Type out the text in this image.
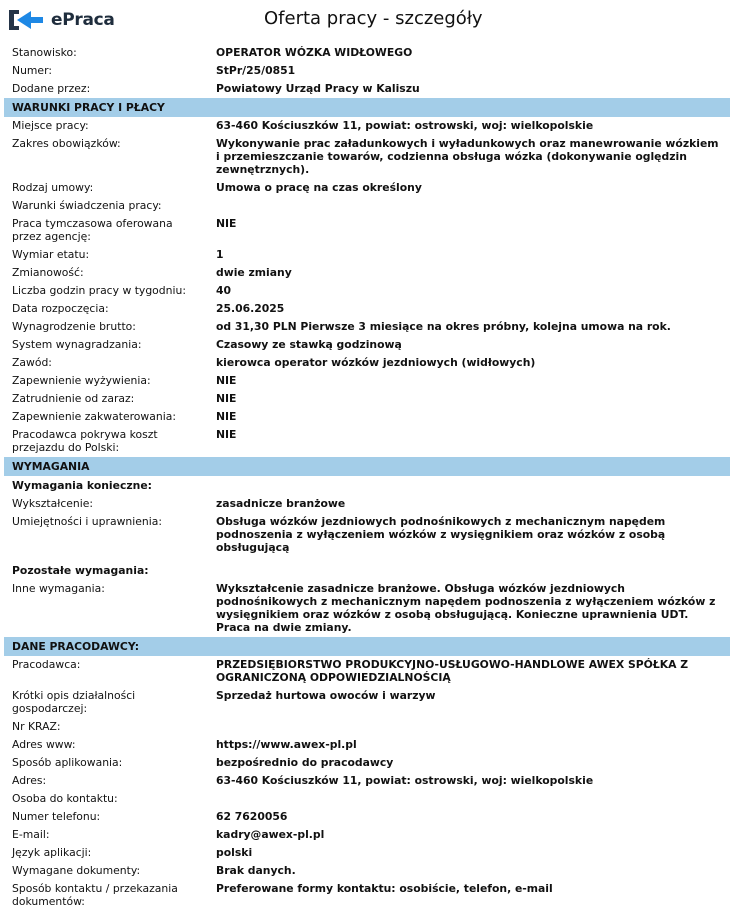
ePraca	Oferta pracy - szczegóły
Stanowisko:	OPERATOR WÓZKA WIDŁOWEGO
Numer:	StPr/25/0851
Dodane przez:	Powiatowy Urząd Pracy w Kaliszu
WARUNKI PRACY I PŁACY	
Miejsce pracy:	63-460 Kościuszków 11, powiat: ostrowski, woj: wielkopolskie
Zakres obowiązków:	Wykonywanie prac załadunkowych i wyładunkowych oraz manewrowanie wózkiem i przemieszczanie towarów, codzienna obsługa wózka (dokonywanie oględzin zewnętrznych).
Rodzaj umowy:	Umowa o pracę na czas określony
Warunki świadczenia pracy:	
Praca tymczasowa oferowana przez agencję:	NIE
Wymiar etatu:	1
Zmianowość:	dwie zmiany
Liczba godzin pracy w tygodniu:	40
Data rozpoczęcia:	25.06.2025
Wynagrodzenie brutto:	od 31,30 PLN Pierwsze 3 miesiące na okres próbny, kolejna umowa na rok.
System wynagradzania:	Czasowy ze stawką godzinową
Zawód:	kierowca operator wózków jezdniowych (widłowych)
Zapewnienie wyżywienia:	NIE
Zatrudnienie od zaraz:	NIE
Zapewnienie zakwaterowania:	NIE
Pracodawca pokrywa koszt przejazdu do Polski:	NIE
WYMAGANIA	
Wymagania konieczne:	
Wykształcenie:	zasadnicze branżowe
Umiejętności i uprawnienia:	Obsługa wózków jezdniowych podnośnikowych z mechanicznym napędem podnoszenia z wyłączeniem wózków z wysięgnikiem oraz wózków z osobą obsługującą

Pozostałe wymagania:	
Inne wymagania:	Wykształcenie zasadnicze branżowe. Obsługa wózków jezdniowych podnośnikowych z mechanicznym napędem podnoszenia z wyłączeniem wózków z wysięgnikiem oraz wózków z osobą obsługującą. Konieczne uprawnienia UDT. Praca na dwie zmiany.
DANE PRACODAWCY:	
Pracodawca:	PRZEDSIĘBIORSTWO PRODUKCYJNO-USŁUGOWO-HANDLOWE AWEX SPÓŁKA Z OGRANICZONĄ ODPOWIEDZIALNOŚCIĄ
Krótki opis działalności gospodarczej:	Sprzedaż hurtowa owoców i warzyw
Nr KRAZ:	
Adres www:	https://www.awex-pl.pl
Sposób aplikowania:	bezpośrednio do pracodawcy
Adres:	63-460 Kościuszków 11, powiat: ostrowski, woj: wielkopolskie
Osoba do kontaktu:	
Numer telefonu:	62 7620056
E-mail:	kadry@awex-pl.pl
Język aplikacji:	polski
Wymagane dokumenty:	Brak danych.
Sposób kontaktu / przekazania dokumentów:	Preferowane formy kontaktu: osobiście, telefon, e-mail
